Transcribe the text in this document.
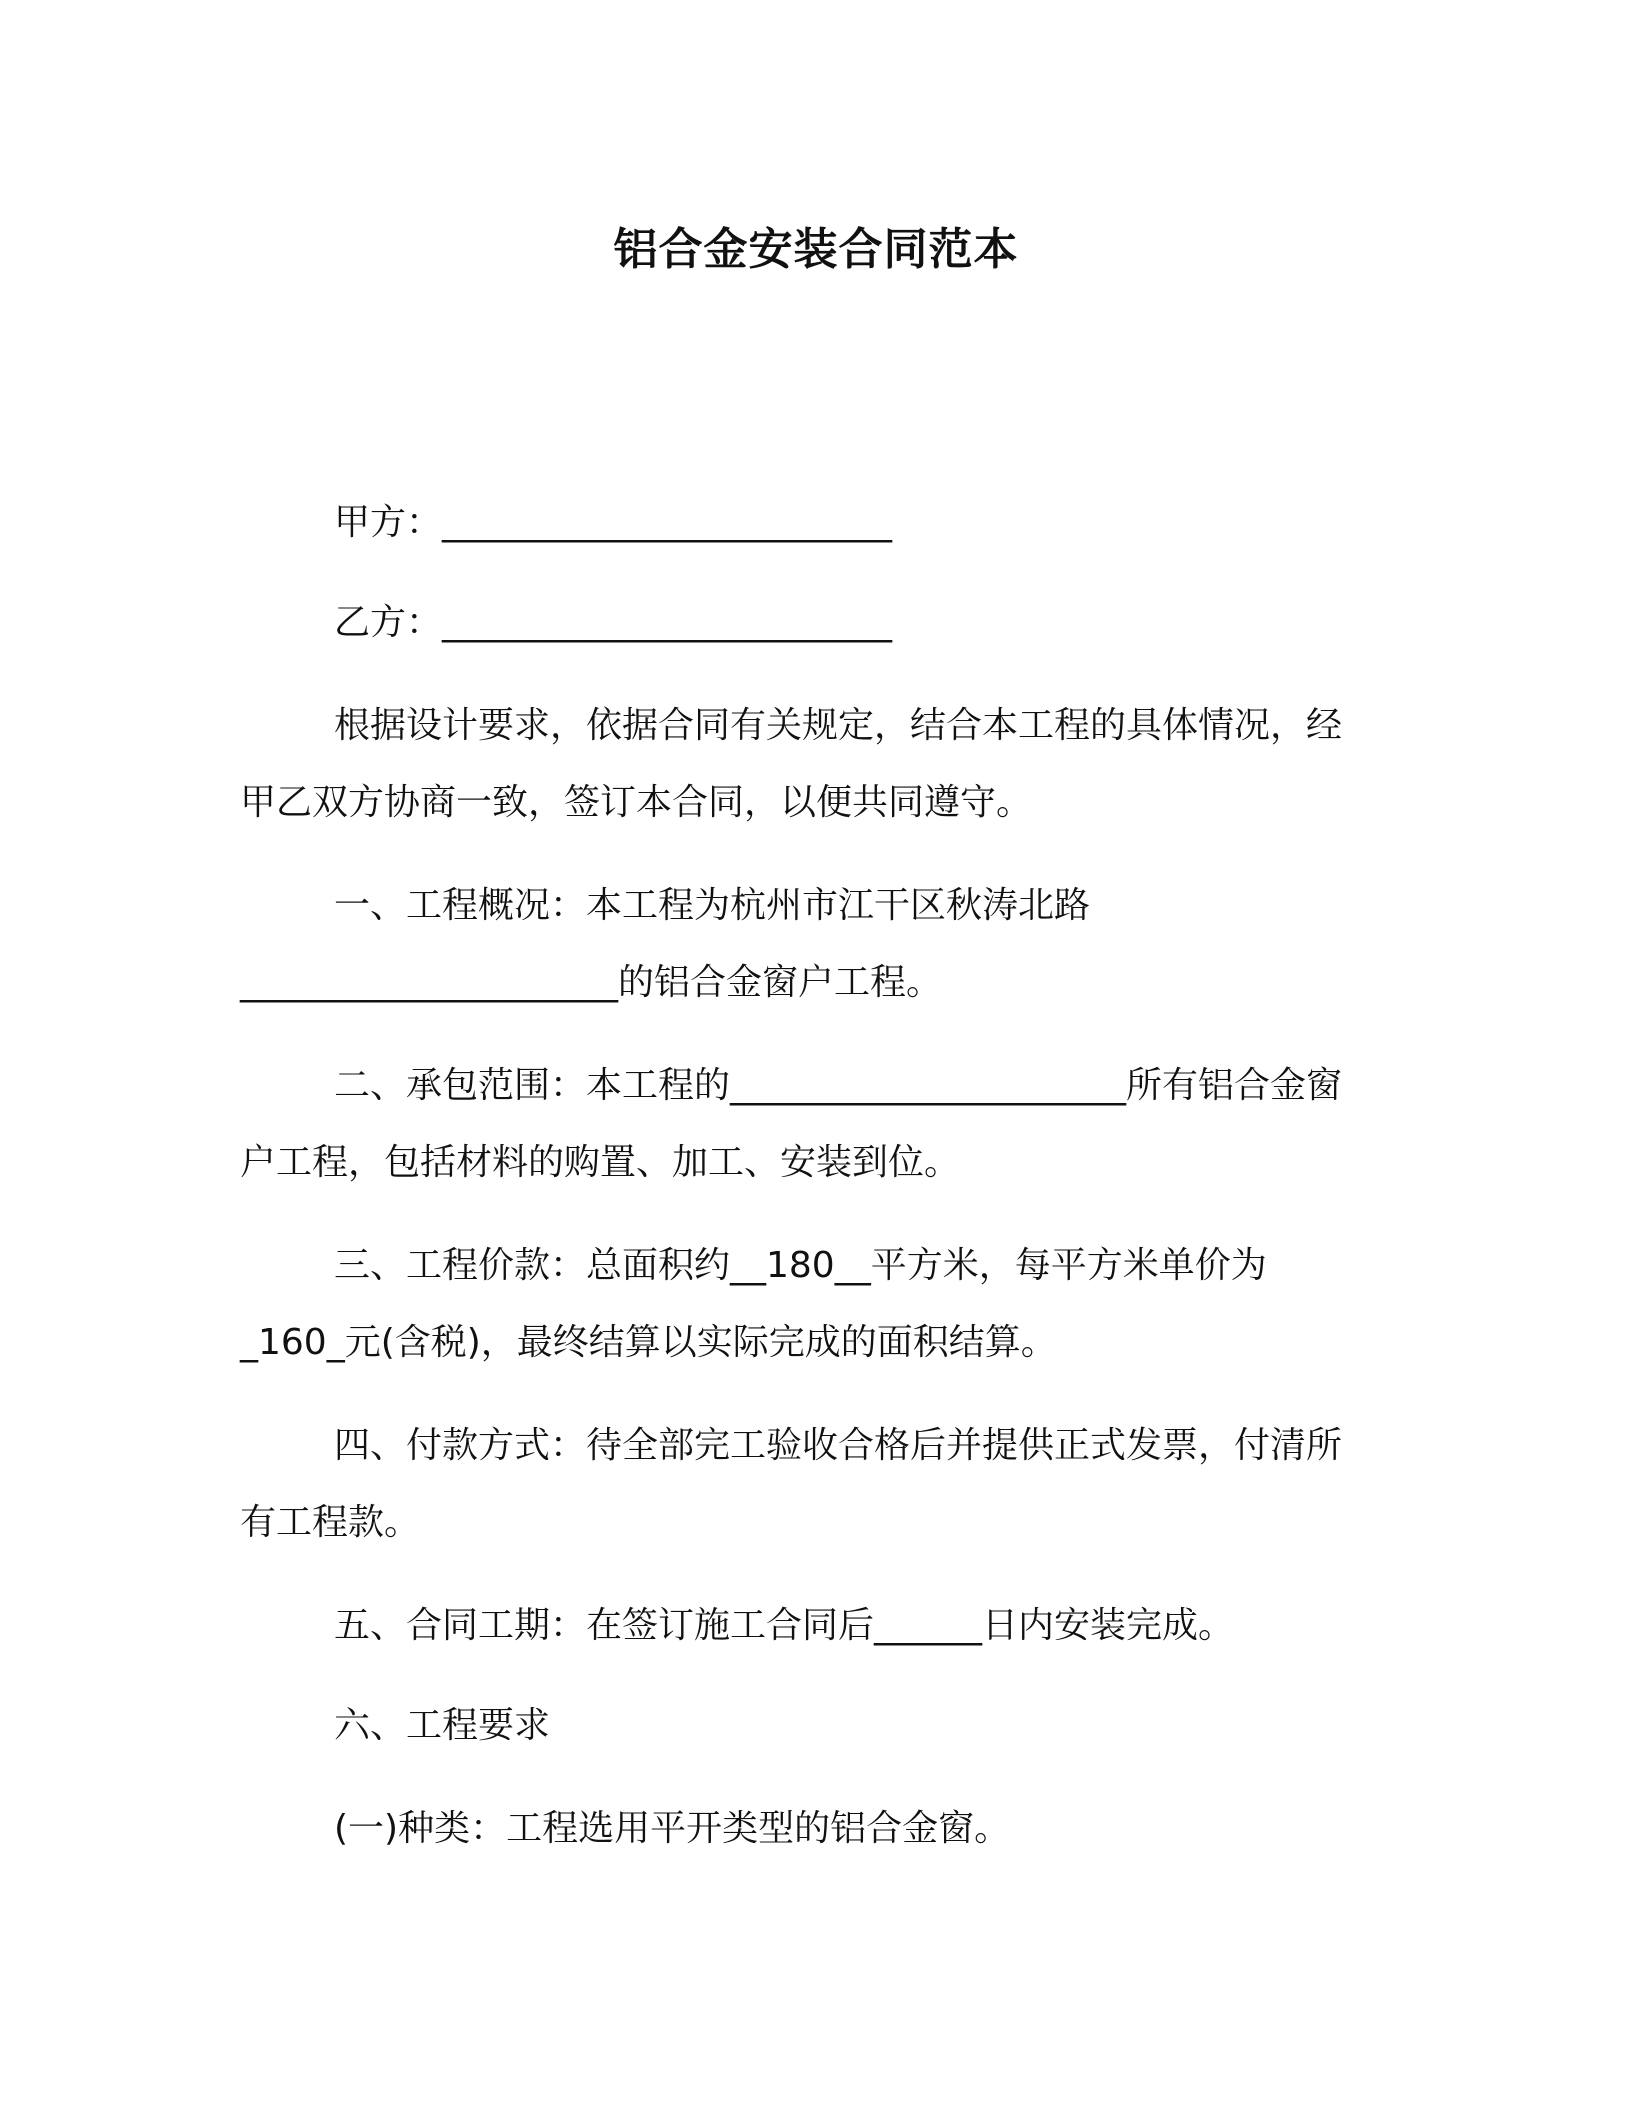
铝合金安装合同范本
甲方：_________________________
乙方：_________________________
根据设计要求，依据合同有关规定，结合本工程的具体情况，经
甲乙双方协商一致，签订本合同，以便共同遵守。
一、工程概况：本工程为杭州市江干区秋涛北路
_____________________的铝合金窗户工程。
二、承包范围：本工程的______________________所有铝合金窗
户工程，包括材料的购置、加工、安装到位。
三、工程价款：总面积约__180__平方米，每平方米单价为
_160_元(含税)，最终结算以实际完成的面积结算。
四、付款方式：待全部完工验收合格后并提供正式发票，付清所
有工程款。
五、合同工期：在签订施工合同后______日内安装完成。
六、工程要求
(一)种类：工程选用平开类型的铝合金窗。
